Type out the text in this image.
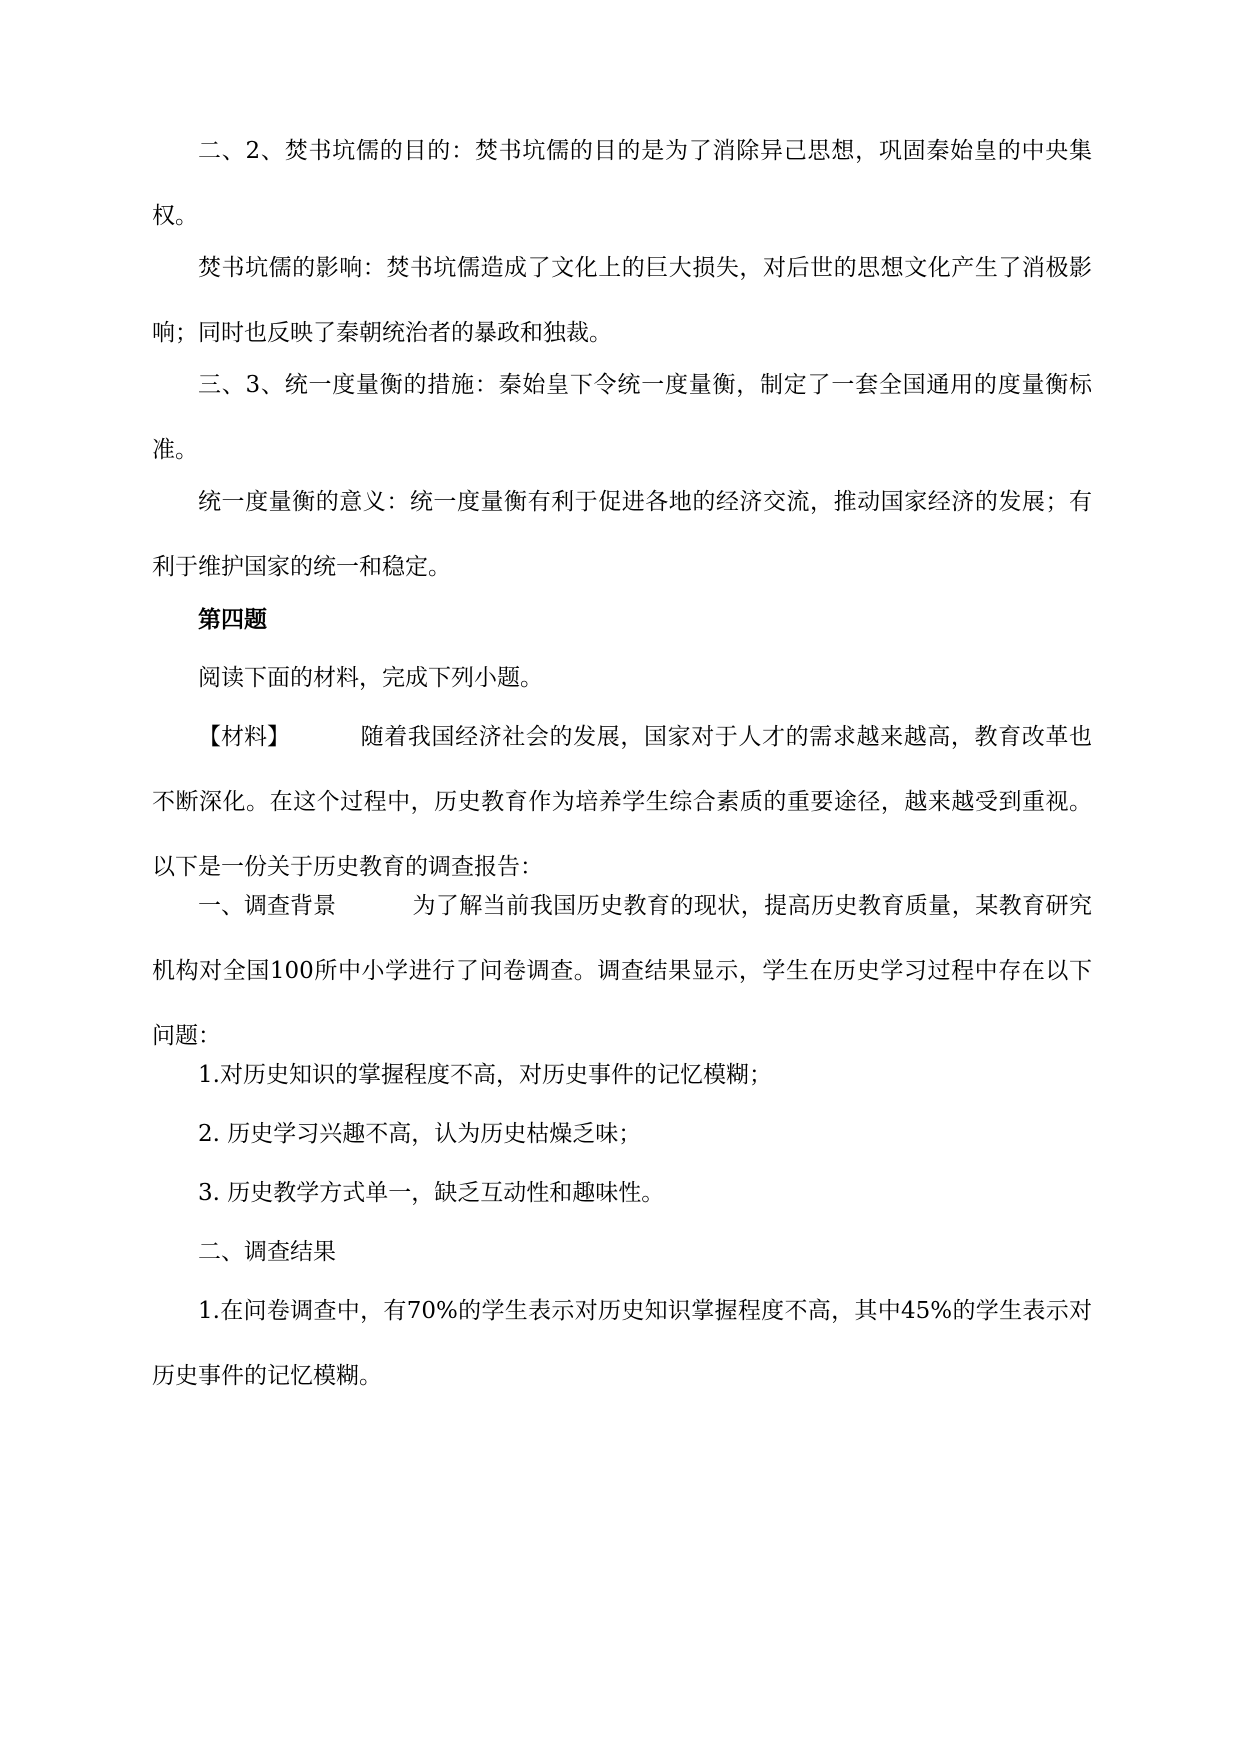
二、2、焚书坑儒的目的：焚书坑儒的目的是为了消除异己思想，巩固秦始皇的中央集权。

焚书坑儒的影响：焚书坑儒造成了文化上的巨大损失，对后世的思想文化产生了消极影响；同时也反映了秦朝统治者的暴政和独裁。

三、3、统一度量衡的措施：秦始皇下令统一度量衡，制定了一套全国通用的度量衡标准。

统一度量衡的意义：统一度量衡有利于促进各地的经济交流，推动国家经济的发展；有利于维护国家的统一和稳定。

第四题

阅读下面的材料，完成下列小题。

【材料】	随着我国经济社会的发展，国家对于人才的需求越来越高，教育改革也不断深化。在这个过程中，历史教育作为培养学生综合素质的重要途径，越来越受到重视。以下是一份关于历史教育的调查报告：

一、调查背景	为了解当前我国历史教育的现状，提高历史教育质量，某教育研究机构对全国100所中小学进行了问卷调查。调查结果显示，学生在历史学习过程中存在以下问题：

1.对历史知识的掌握程度不高，对历史事件的记忆模糊；

2. 历史学习兴趣不高，认为历史枯燥乏味；

3. 历史教学方式单一，缺乏互动性和趣味性。

二、调查结果

1.在问卷调查中，有70%的学生表示对历史知识掌握程度不高，其中45%的学生表示对历史事件的记忆模糊。
